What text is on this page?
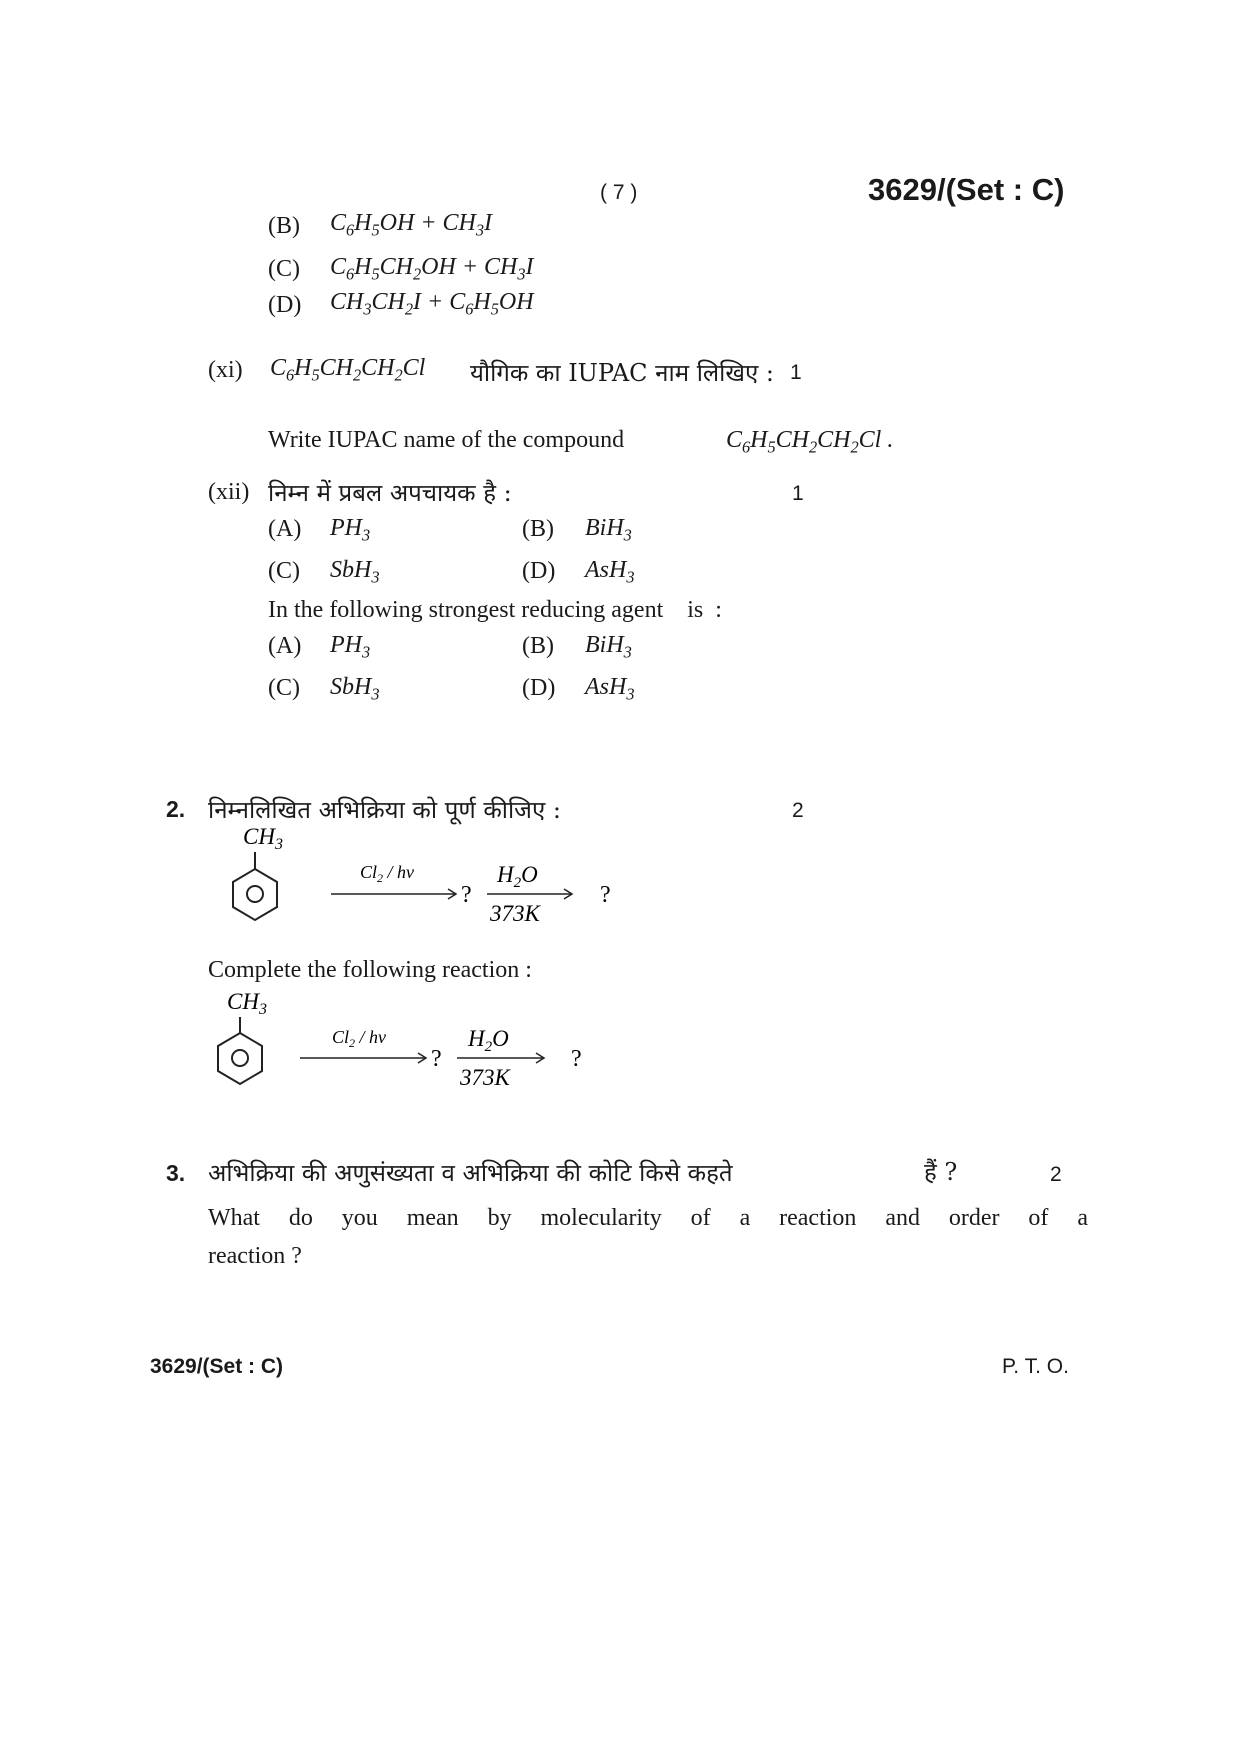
( 7 )	3629/(Set : C)
(B) $C_6H_5OH + CH_3I$
(C) $C_6H_5CH_2OH + CH_3I$
(D) $CH_3CH_2I + C_6H_5OH$
(xi) $C_6H_5CH_2CH_2Cl$ यौगिक का IUPAC नाम लिखिए : 1
Write IUPAC name of the compound	$C_6H_5CH_2CH_2Cl$ .
(xii) निम्न में प्रबल अपचायक है :	1
(A) $PH_3$	(B) BiH$_3$
(C) SbH$_3$	(D) AsH$_3$
In the following strongest reducing agent    is  :
(A) $PH_3$	(B) BiH$_3$
(C) SbH$_3$	(D) AsH$_3$
2. निम्नलिखित अभिक्रिया को पूर्ण कीजिए :	2
$CH_3$
$Cl_2$ / hν
?
$H_2O$
373K
?
Complete the following reaction :
$CH_3$
$Cl_2$ / hν
?
$H_2O$
373K
?
3. अभिक्रिया की अणुसंख्यता व अभिक्रिया की कोटि किसे कहते	हैं ?	2
What do you mean by molecularity of a reaction and order of a
reaction ?
3629/(Set : C)	P. T. O.
